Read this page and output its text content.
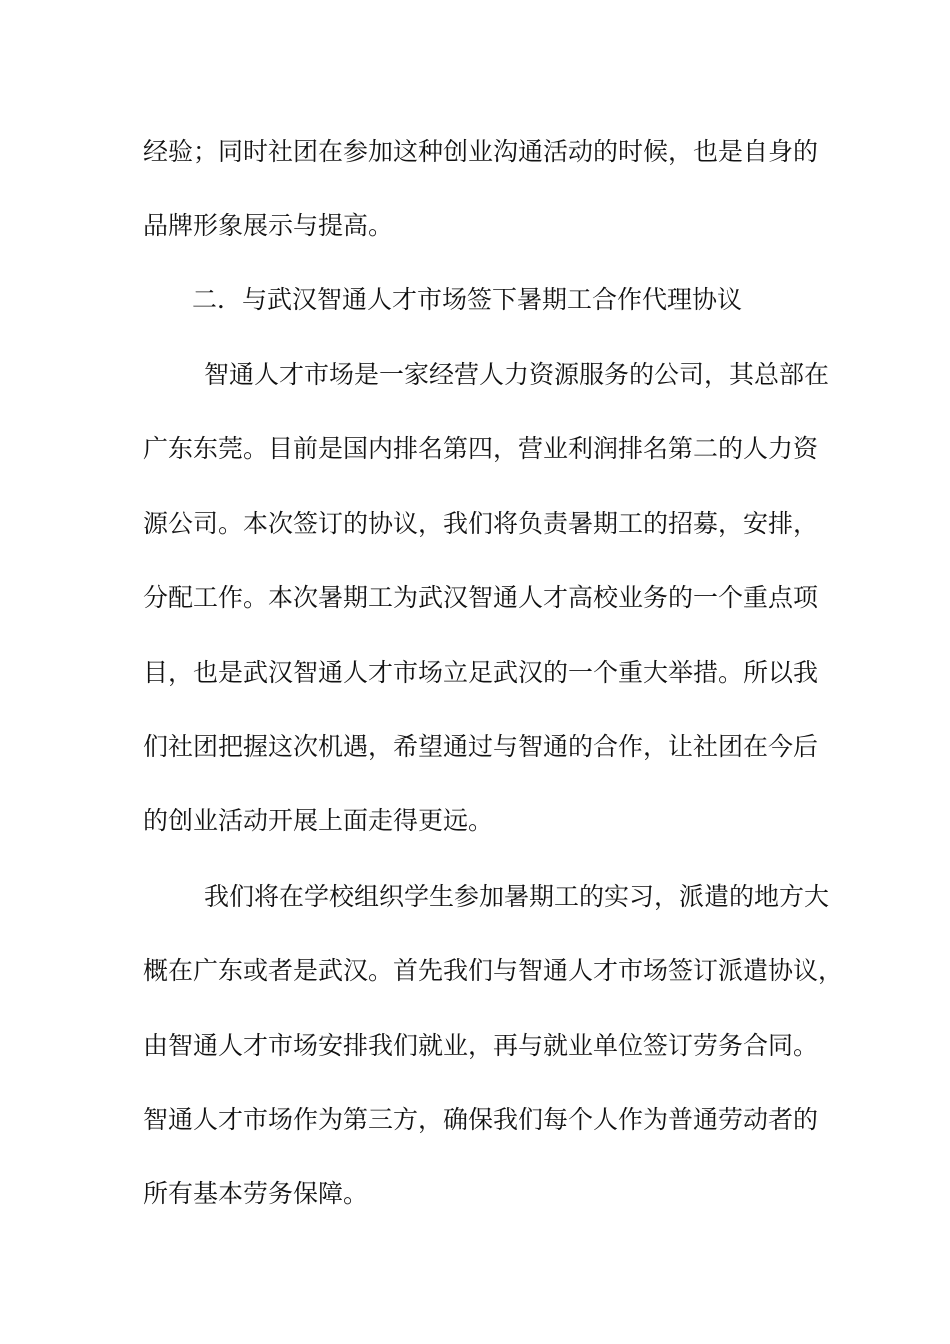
经验；同时社团在参加这种创业沟通活动的时候，也是自身的
品牌形象展示与提高。
二．与武汉智通人才市场签下暑期工合作代理协议
智通人才市场是一家经营人力资源服务的公司，其总部在
广东东莞。目前是国内排名第四，营业利润排名第二的人力资
源公司。本次签订的协议，我们将负责暑期工的招募，安排，
分配工作。本次暑期工为武汉智通人才高校业务的一个重点项
目，也是武汉智通人才市场立足武汉的一个重大举措。所以我
们社团把握这次机遇，希望通过与智通的合作，让社团在今后
的创业活动开展上面走得更远。
我们将在学校组织学生参加暑期工的实习，派遣的地方大
概在广东或者是武汉。首先我们与智通人才市场签订派遣协议，
由智通人才市场安排我们就业，再与就业单位签订劳务合同。
智通人才市场作为第三方，确保我们每个人作为普通劳动者的
所有基本劳务保障。
